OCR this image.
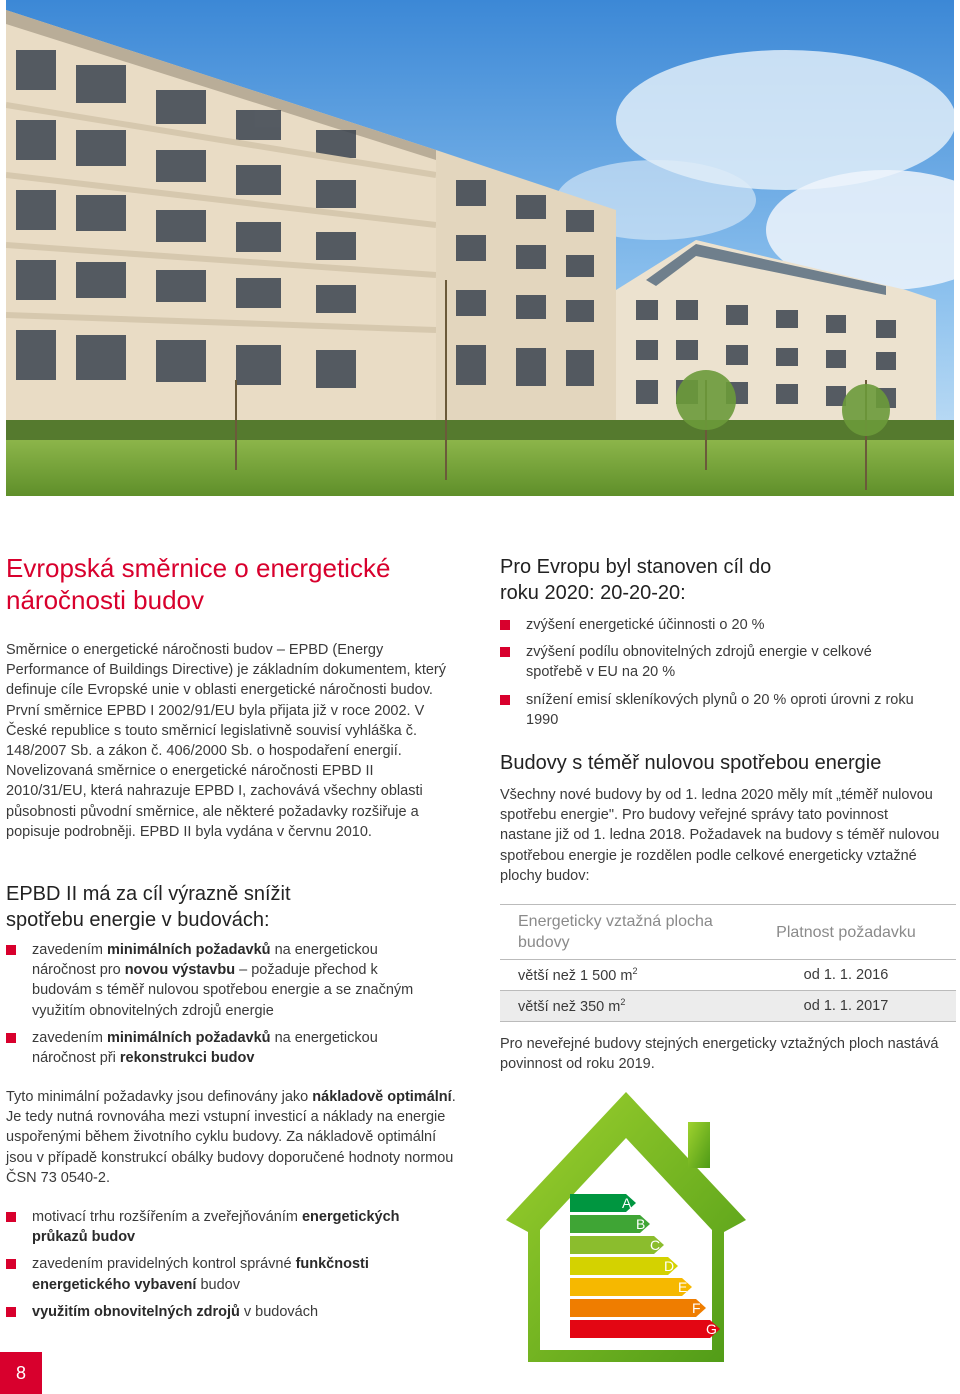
Evropská směrnice o energetické náročnosti budov

Směrnice o energetické náročnosti budov – EPBD (Energy Performance of Buildings Directive) je základním dokumentem, který definuje cíle Evropské unie v oblasti energetické náročnosti budov. První směrnice EPBD I 2002/91/EU byla přijata již v roce 2002. V České republice s touto směrnicí legislativně souvisí vyhláška č. 148/2007 Sb. a zákon č. 406/2000 Sb. o hospodaření energií. Novelizovaná směrnice o energetické náročnosti EPBD II 2010/31/EU, která nahrazuje EPBD I, zachovává všechny oblasti působnosti původní směrnice, ale některé požadavky rozšiřuje a popisuje podrobněji. EPBD II byla vydána v červnu 2010.

EPBD II má za cíl výrazně snížit spotřebu energie v budovách:
zavedením minimálních požadavků na energetickou náročnost pro novou výstavbu – požaduje přechod k budovám s téměř nulovou spotřebou energie a se značným využitím obnovitelných zdrojů energie
zavedením minimálních požadavků na energetickou náročnost při rekonstrukci budov

Tyto minimální požadavky jsou definovány jako nákladově optimální. Je tedy nutná rovnováha mezi vstupní investicí a náklady na energie uspořenými během životního cyklu budovy. Za nákladově optimální jsou v případě konstrukcí obálky budovy doporučené hodnoty normou ČSN 73 0540-2.

motivací trhu rozšířením a zveřejňováním energetických průkazů budov
zavedením pravidelných kontrol správné funkčnosti energetického vybavení budov
využitím obnovitelných zdrojů v budovách
Pro Evropu byl stanoven cíl do roku 2020: 20-20-20:
zvýšení energetické účinnosti o 20 %
zvýšení podílu obnovitelných zdrojů energie v celkové spotřebě v EU na 20 %
snížení emisí skleníkových plynů o 20 % oproti úrovni z roku 1990
Budovy s téměř nulovou spotřebou energie

Všechny nové budovy by od 1. ledna 2020 měly mít „téměř nulovou spotřebu energie". Pro budovy veřejné správy tato povinnost nastane již od 1. ledna 2018. Požadavek na budovy s téměř nulovou spotřebou energie je rozdělen podle celkové energeticky vztažné plochy budov:

Energeticky vztažná plocha budovy	Platnost požadavku
větší než 1 500 $m^2$	od 1. 1. 2016
větší než 350 $m^2$	od 1. 1. 2017

Pro neveřejné budovy stejných energeticky vztažných ploch nastává povinnost od roku 2019.

A
B
C
D
E
F
G
8
